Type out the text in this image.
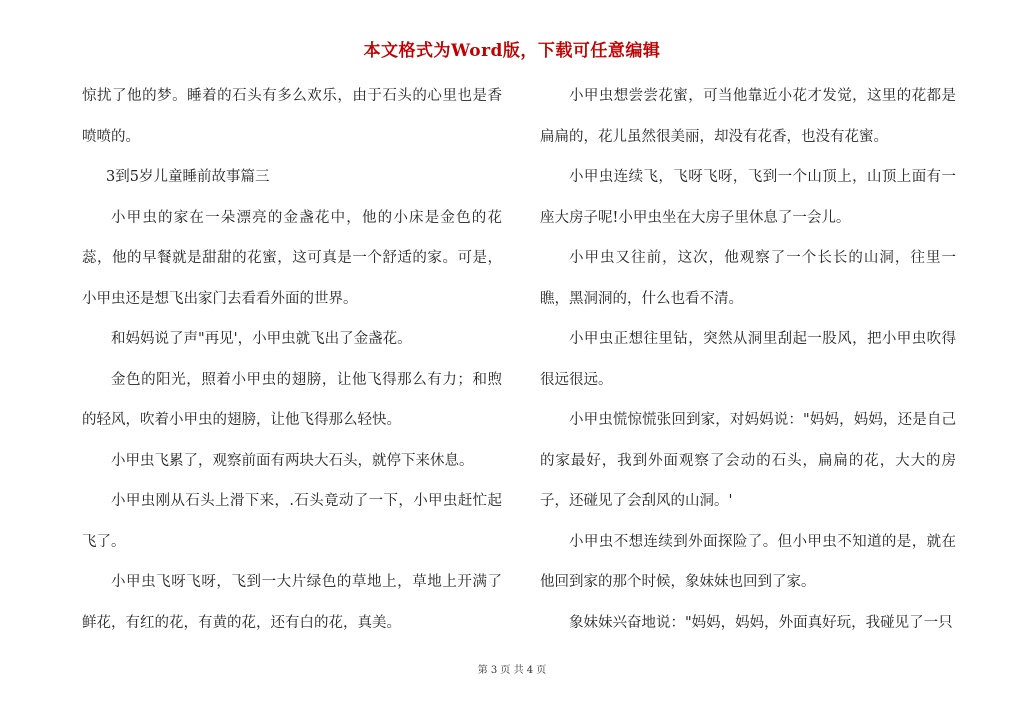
本文格式为Word版，下载可任意编辑

惊扰了他的梦。睡着的石头有多么欢乐，由于石头的心里也是香喷喷的。

3到5岁儿童睡前故事篇三

小甲虫的家在一朵漂亮的金盏花中，他的小床是金色的花蕊，他的早餐就是甜甜的花蜜，这可真是一个舒适的家。可是，小甲虫还是想飞出家门去看看外面的世界。

和妈妈说了声"再见'，小甲虫就飞出了金盏花。

金色的阳光，照着小甲虫的翅膀，让他飞得那么有力；和煦的轻风，吹着小甲虫的翅膀，让他飞得那么轻快。

小甲虫飞累了，观察前面有两块大石头，就停下来休息。

小甲虫刚从石头上滑下来，.石头竟动了一下，小甲虫赶忙起飞了。

小甲虫飞呀飞呀，飞到一大片绿色的草地上，草地上开满了鲜花，有红的花，有黄的花，还有白的花，真美。

小甲虫想尝尝花蜜，可当他靠近小花才发觉，这里的花都是扁扁的，花儿虽然很美丽，却没有花香，也没有花蜜。

小甲虫连续飞，飞呀飞呀，飞到一个山顶上，山顶上面有一座大房子呢!小甲虫坐在大房子里休息了一会儿。

小甲虫又往前，这次，他观察了一个长长的山洞，往里一瞧，黑洞洞的，什么也看不清。

小甲虫正想往里钻，突然从洞里刮起一股风，把小甲虫吹得很远很远。

小甲虫慌惊慌张回到家，对妈妈说："妈妈，妈妈，还是自己的家最好，我到外面观察了会动的石头，扁扁的花，大大的房子，还碰见了会刮风的山洞。'

小甲虫不想连续到外面探险了。但小甲虫不知道的是，就在他回到家的那个时候，象妹妹也回到了家。

象妹妹兴奋地说："妈妈，妈妈，外面真好玩，我碰见了一只

第 3 页 共 4 页
